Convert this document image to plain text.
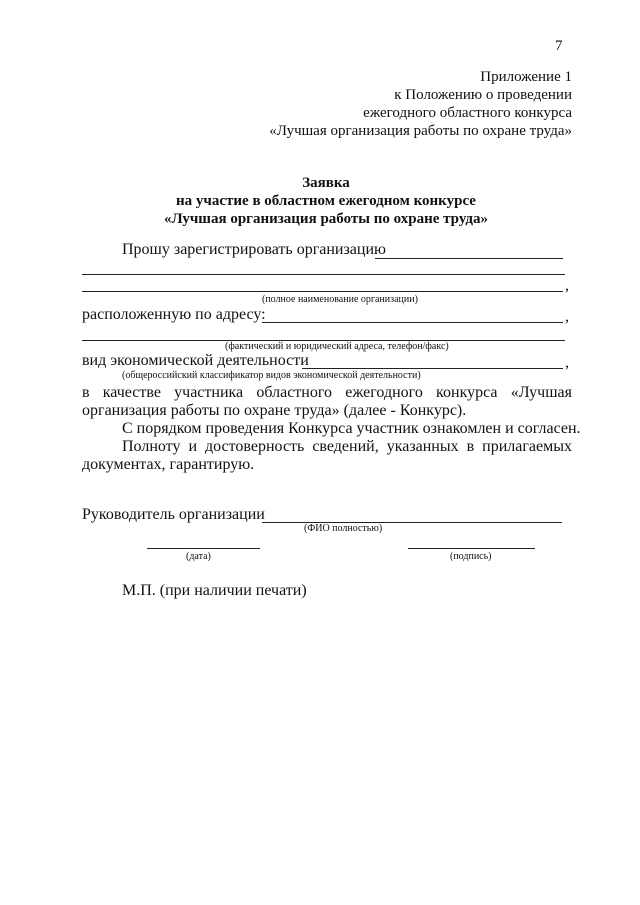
7
Приложение 1
к Положению о проведении
ежегодного областного конкурса
«Лучшая организация работы по охране труда»
Заявка
на участие в областном ежегодном конкурсе
«Лучшая организация работы по охране труда»
Прошу зарегистрировать организацию
,
(полное наименование организации)
расположенную по адресу:	,
(фактический и юридический адреса, телефон/факс)
вид экономической деятельности	,
(общероссийский классификатор видов экономической деятельности)
в качестве участника областного ежегодного конкурса «Лучшая
организация работы по охране труда» (далее - Конкурс).
С порядком проведения Конкурса участник ознакомлен и согласен.
Полноту и достоверность сведений, указанных в прилагаемых
документах, гарантирую.
Руководитель организации
(ФИО полностью)
(дата)	(подпись)
М.П. (при наличии печати)
